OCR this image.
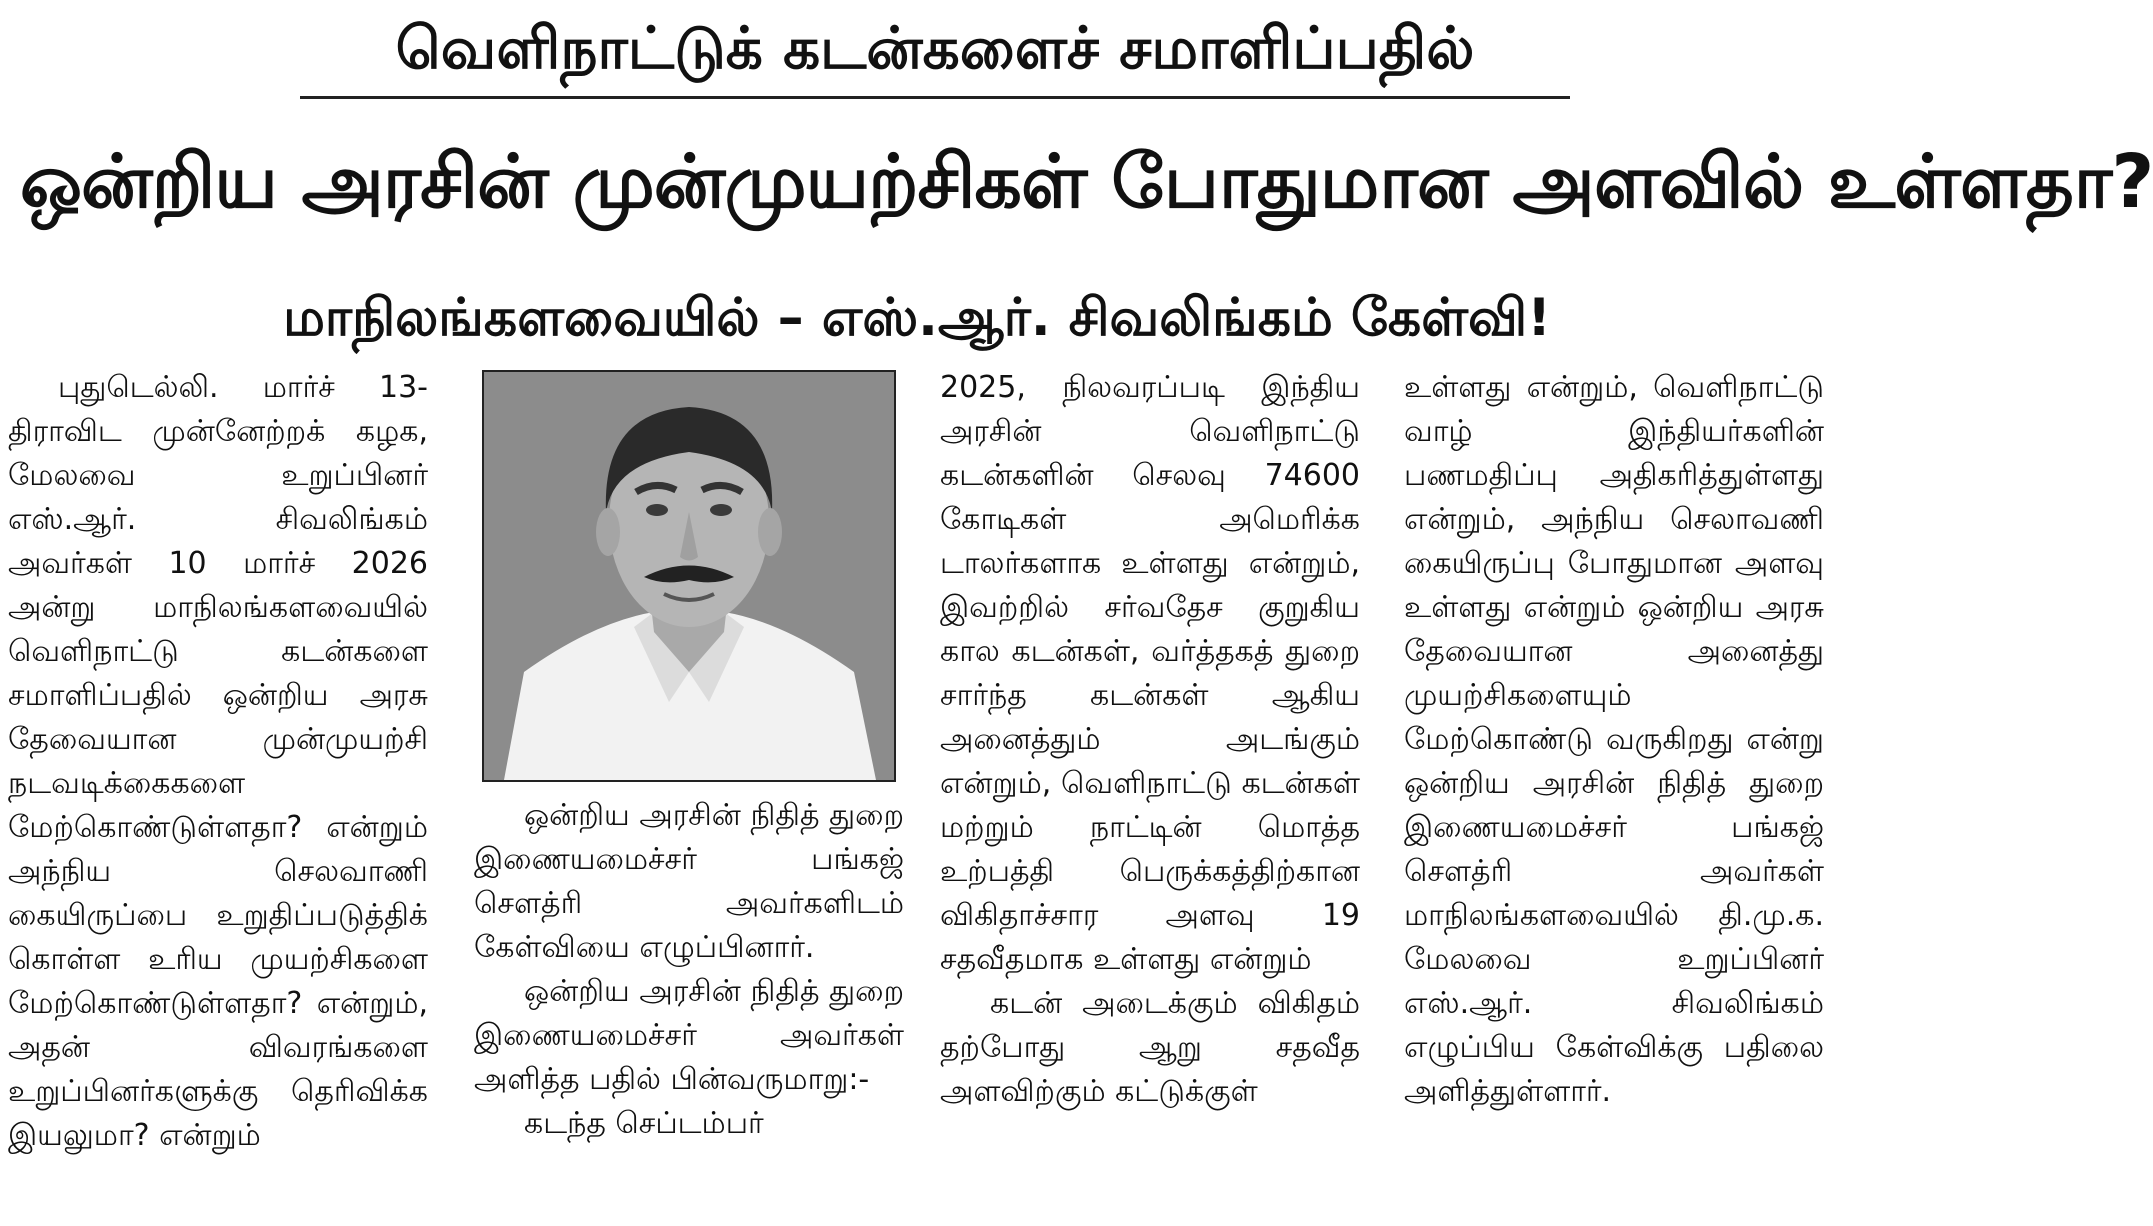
வெளிநாட்டுக் கடன்களைச் சமாளிப்பதில்
ஒன்றிய அரசின் முன்முயற்சிகள் போதுமான அளவில் உள்ளதா?
மாநிலங்களவையில் – எஸ்.ஆர். சிவலிங்கம் கேள்வி!

புதுடெல்லி. மார்ச் 13- திராவிட முன்னேற்றக் கழக, மேலவை உறுப்பினர் எஸ்.ஆர். சிவலிங்கம் அவர்கள் 10 மார்ச் 2026 அன்று மாநிலங்களவையில் வெளிநாட்டு கடன்களை சமாளிப்பதில் ஒன்றிய அரசு தேவையான முன்முயற்சி நடவடிக்கைகளை மேற்கொண்டுள்ளதா? என்றும் அந்நிய செலவாணி கையிருப்பை உறுதிப்படுத்திக் கொள்ள உரிய முயற்சிகளை மேற்கொண்டுள்ளதா? என்றும், அதன் விவரங்களை உறுப்பினர்களுக்கு தெரிவிக்க இயலுமா? என்றும்

ஒன்றிய அரசின் நிதித் துறை இணையமைச்சர் பங்கஜ் சௌத்ரி அவர்களிடம் கேள்வியை எழுப்பினார்.

ஒன்றிய அரசின் நிதித் துறை இணையமைச்சர் அவர்கள் அளித்த பதில் பின்வருமாறு:-

கடந்த செப்டம்பர்

2025, நிலவரப்படி இந்திய அரசின் வெளிநாட்டு கடன்களின் செலவு 74600 கோடிகள் அமெரிக்க டாலர்களாக உள்ளது என்றும், இவற்றில் சர்வதேச குறுகிய கால கடன்கள், வர்த்தகத் துறை சார்ந்த கடன்கள் ஆகிய அனைத்தும் அடங்கும் என்றும், வெளிநாட்டு கடன்கள் மற்றும் நாட்டின் மொத்த உற்பத்தி பெருக்கத்திற்கான விகிதாச்சார அளவு 19 சதவீதமாக உள்ளது என்றும்

கடன் அடைக்கும் விகிதம் தற்போது ஆறு சதவீத அளவிற்கும் கட்டுக்குள்

உள்ளது என்றும், வெளிநாட்டு வாழ் இந்தியர்களின் பணமதிப்பு அதிகரித்துள்ளது என்றும், அந்நிய செலாவணி கையிருப்பு போதுமான அளவு உள்ளது என்றும் ஒன்றிய அரசு தேவையான அனைத்து முயற்சிகளையும் மேற்கொண்டு வருகிறது என்று ஒன்றிய அரசின் நிதித் துறை இணையமைச்சர் பங்கஜ் சௌத்ரி அவர்கள் மாநிலங்களவையில் தி.மு.க. மேலவை உறுப்பினர் எஸ்.ஆர். சிவலிங்கம் எழுப்பிய கேள்விக்கு பதிலை அளித்துள்ளார்.
